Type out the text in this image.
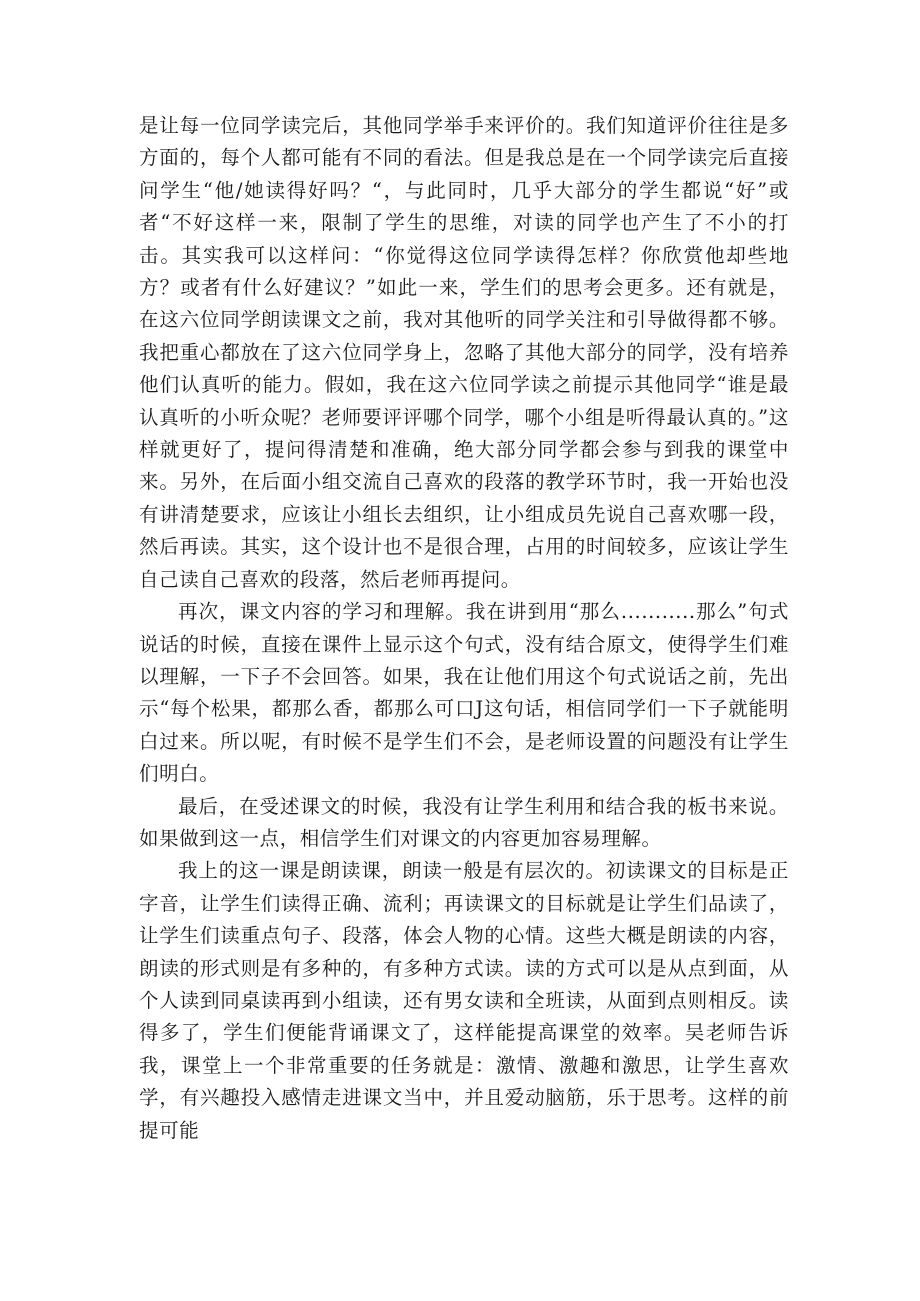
是让每一位同学读完后，其他同学举手来评价的。我们知道评价往往是多方面的，每个人都可能有不同的看法。但是我总是在一个同学读完后直接问学生“他/她读得好吗？“，与此同时，几乎大部分的学生都说“好”或者“不好这样一来，限制了学生的思维，对读的同学也产生了不小的打击。其实我可以这样问：“你觉得这位同学读得怎样？你欣赏他却些地方？或者有什么好建议？”如此一来，学生们的思考会更多。还有就是，在这六位同学朗读课文之前，我对其他听的同学关注和引导做得都不够。我把重心都放在了这六位同学身上，忽略了其他大部分的同学，没有培养他们认真听的能力。假如，我在这六位同学读之前提示其他同学“谁是最认真听的小听众呢？老师要评评哪个同学，哪个小组是听得最认真的。”这样就更好了，提问得清楚和准确，绝大部分同学都会参与到我的课堂中来。另外，在后面小组交流自己喜欢的段落的教学环节时，我一开始也没有讲清楚要求，应该让小组长去组织，让小组成员先说自己喜欢哪一段，然后再读。其实，这个设计也不是很合理，占用的时间较多，应该让学生自己读自己喜欢的段落，然后老师再提问。

再次，课文内容的学习和理解。我在讲到用“那么...........那么”句式说话的时候，直接在课件上显示这个句式，没有结合原文，使得学生们难以理解，一下子不会回答。如果，我在让他们用这个句式说话之前，先出示“每个松果，都那么香，都那么可口J这句话，相信同学们一下子就能明白过来。所以呢，有时候不是学生们不会，是老师设置的问题没有让学生们明白。

最后，在受述课文的时候，我没有让学生利用和结合我的板书来说。如果做到这一点，相信学生们对课文的内容更加容易理解。

我上的这一课是朗读课，朗读一般是有层次的。初读课文的目标是正字音，让学生们读得正确、流利；再读课文的目标就是让学生们品读了，让学生们读重点句子、段落，体会人物的心情。这些大概是朗读的内容，朗读的形式则是有多种的，有多种方式读。读的方式可以是从点到面，从个人读到同桌读再到小组读，还有男女读和全班读，从面到点则相反。读得多了，学生们便能背诵课文了，这样能提高课堂的效率。吴老师告诉我，课堂上一个非常重要的任务就是：激情、激趣和激思，让学生喜欢学，有兴趣投入感情走进课文当中，并且爱动脑筋，乐于思考。这样的前提可能
